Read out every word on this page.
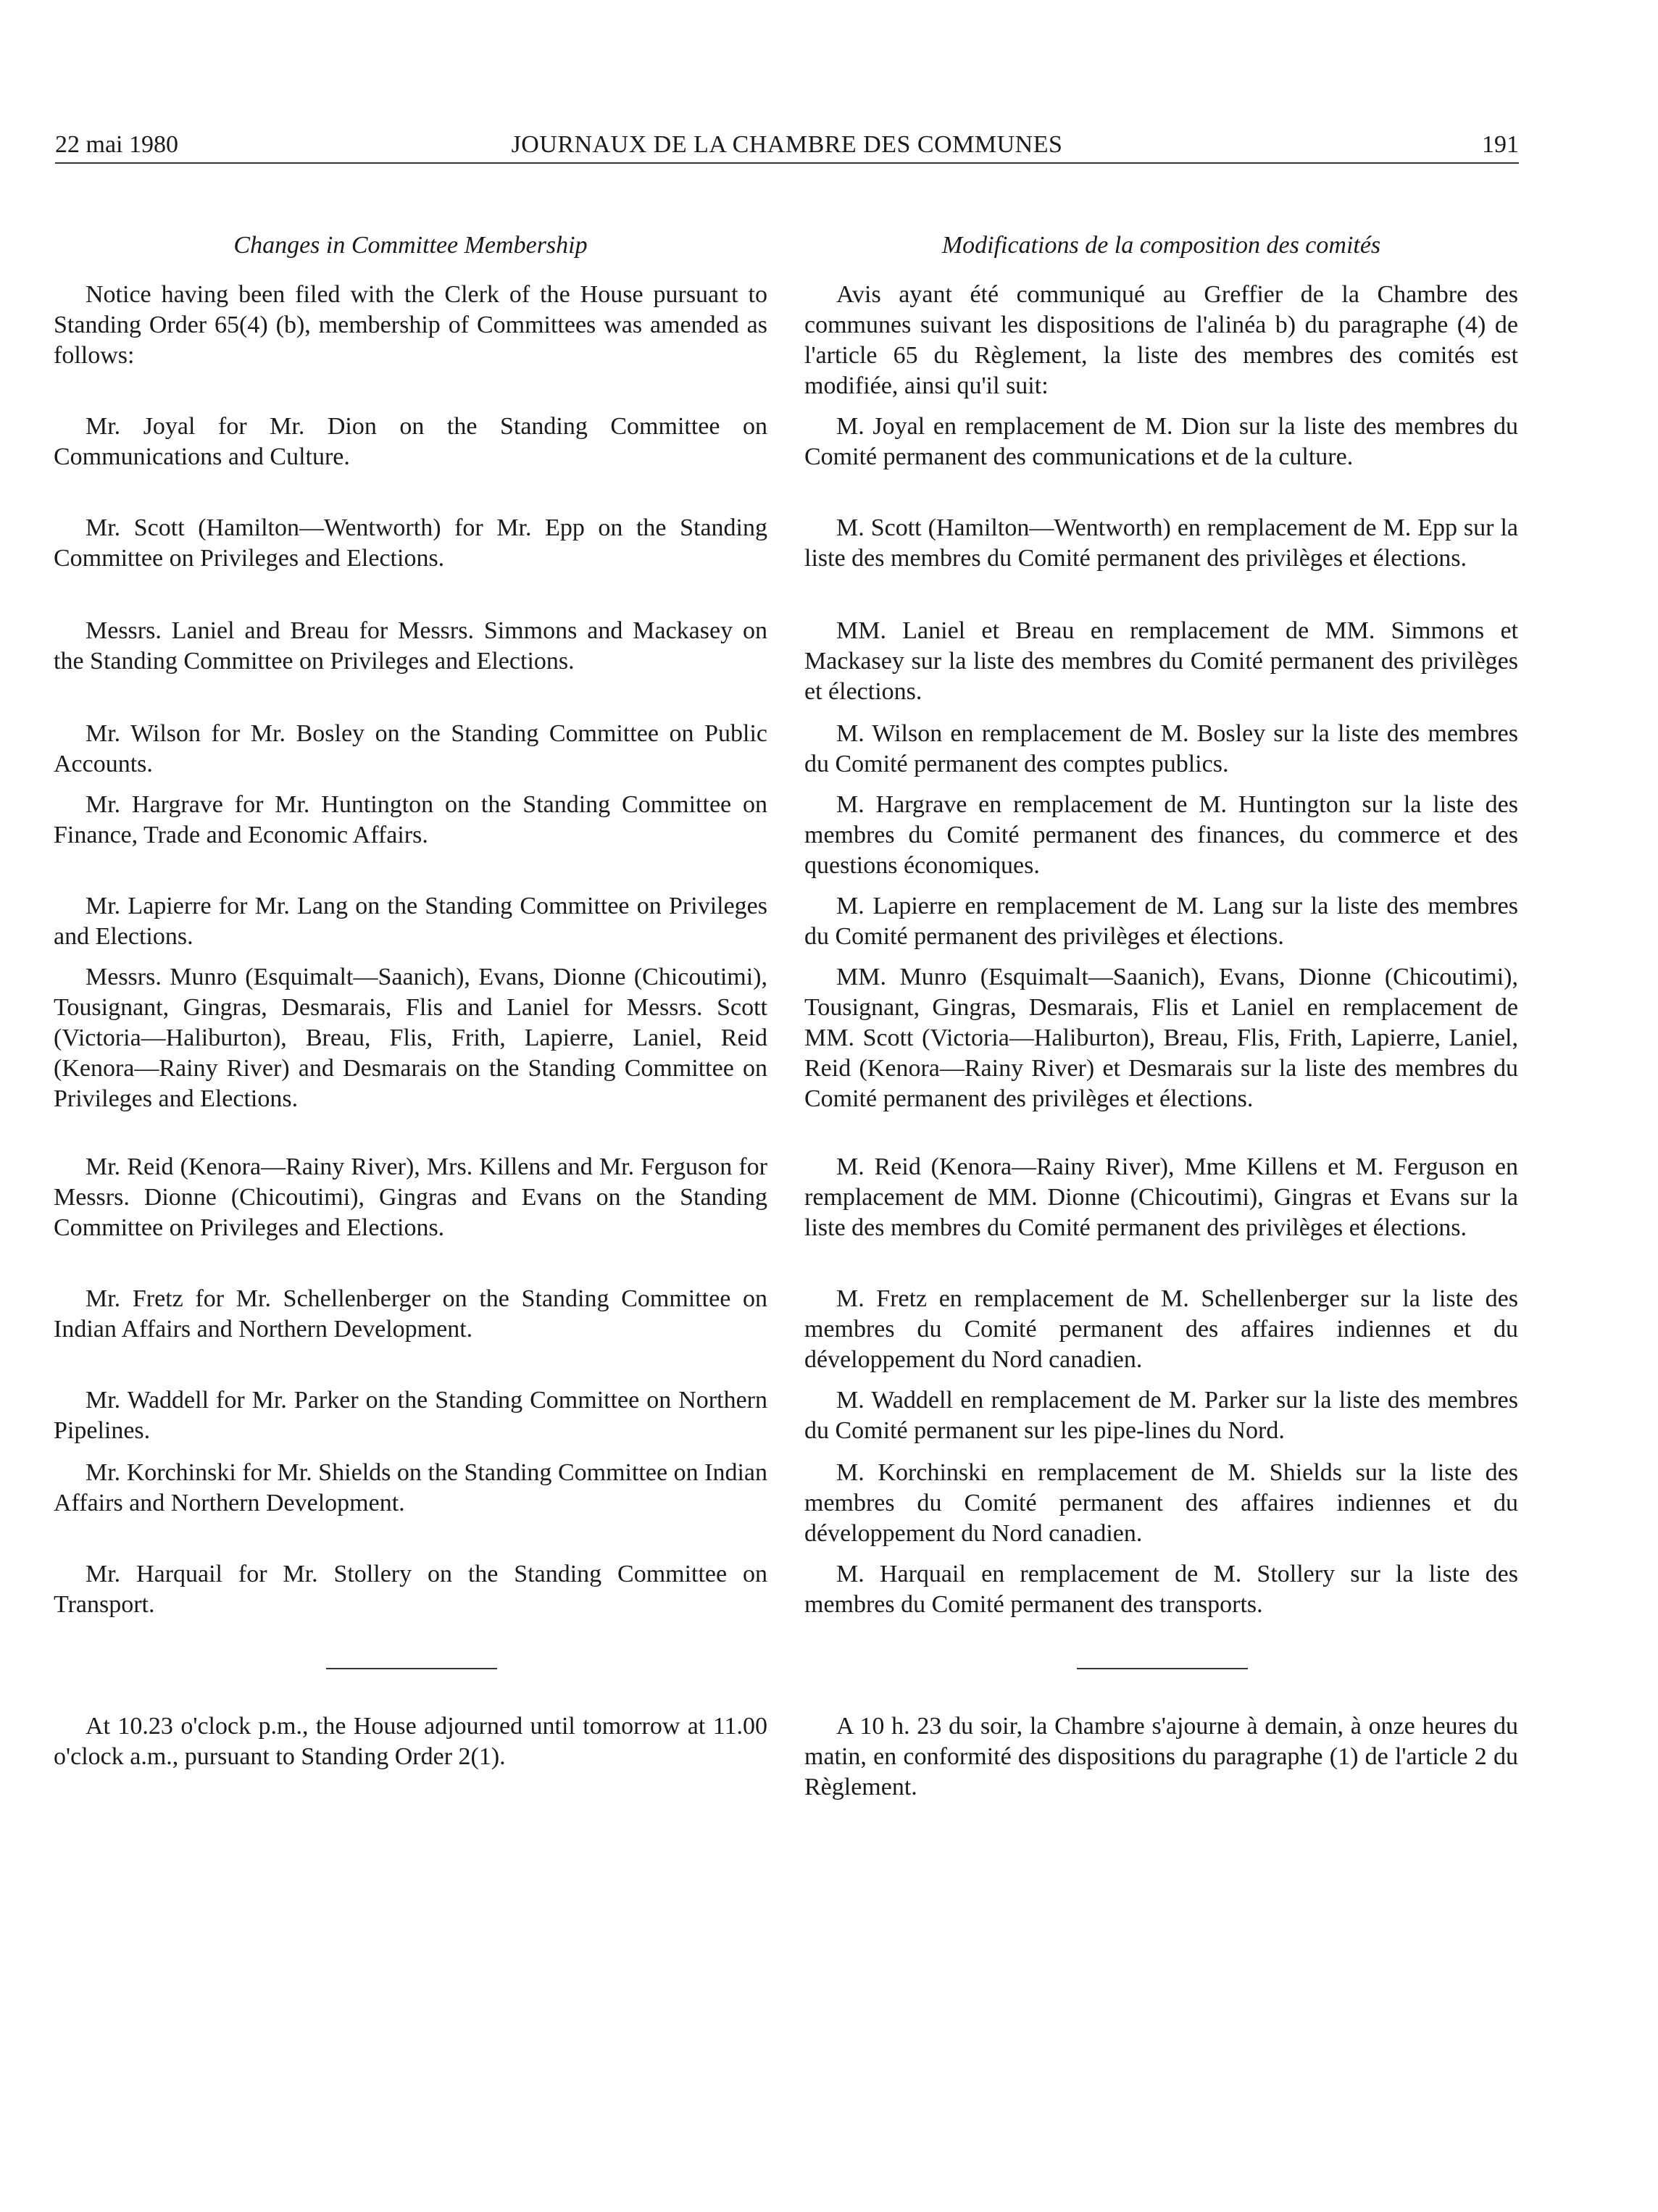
22 mai 1980	JOURNAUX DE LA CHAMBRE DES COMMUNES	191

Changes in Committee Membership

Notice having been filed with the Clerk of the House pursuant to Standing Order 65(4) (b), membership of Committees was amended as follows:

Mr. Joyal for Mr. Dion on the Standing Committee on Communications and Culture.

Mr. Scott (Hamilton—Wentworth) for Mr. Epp on the Standing Committee on Privileges and Elections.

Messrs. Laniel and Breau for Messrs. Simmons and Mackasey on the Standing Committee on Privileges and Elections.

Mr. Wilson for Mr. Bosley on the Standing Committee on Public Accounts.

Mr. Hargrave for Mr. Huntington on the Standing Committee on Finance, Trade and Economic Affairs.

Mr. Lapierre for Mr. Lang on the Standing Committee on Privileges and Elections.

Messrs. Munro (Esquimalt—Saanich), Evans, Dionne (Chicoutimi), Tousignant, Gingras, Desmarais, Flis and Laniel for Messrs. Scott (Victoria—Haliburton), Breau, Flis, Frith, Lapierre, Laniel, Reid (Kenora—Rainy River) and Desmarais on the Standing Committee on Privileges and Elections.

Mr. Reid (Kenora—Rainy River), Mrs. Killens and Mr. Ferguson for Messrs. Dionne (Chicoutimi), Gingras and Evans on the Standing Committee on Privileges and Elections.

Mr. Fretz for Mr. Schellenberger on the Standing Committee on Indian Affairs and Northern Development.

Mr. Waddell for Mr. Parker on the Standing Committee on Northern Pipelines.

Mr. Korchinski for Mr. Shields on the Standing Committee on Indian Affairs and Northern Development.

Mr. Harquail for Mr. Stollery on the Standing Committee on Transport.

At 10.23 o'clock p.m., the House adjourned until tomorrow at 11.00 o'clock a.m., pursuant to Standing Order 2(1).

Modifications de la composition des comités

Avis ayant été communiqué au Greffier de la Chambre des communes suivant les dispositions de l'alinéa b) du paragraphe (4) de l'article 65 du Règlement, la liste des membres des comités est modifiée, ainsi qu'il suit:

M. Joyal en remplacement de M. Dion sur la liste des membres du Comité permanent des communications et de la culture.

M. Scott (Hamilton—Wentworth) en remplacement de M. Epp sur la liste des membres du Comité permanent des privilèges et élections.

MM. Laniel et Breau en remplacement de MM. Simmons et Mackasey sur la liste des membres du Comité permanent des privilèges et élections.

M. Wilson en remplacement de M. Bosley sur la liste des membres du Comité permanent des comptes publics.

M. Hargrave en remplacement de M. Huntington sur la liste des membres du Comité permanent des finances, du commerce et des questions économiques.

M. Lapierre en remplacement de M. Lang sur la liste des membres du Comité permanent des privilèges et élections.

MM. Munro (Esquimalt—Saanich), Evans, Dionne (Chicoutimi), Tousignant, Gingras, Desmarais, Flis et Laniel en remplacement de MM. Scott (Victoria—Haliburton), Breau, Flis, Frith, Lapierre, Laniel, Reid (Kenora—Rainy River) et Desmarais sur la liste des membres du Comité permanent des privilèges et élections.

M. Reid (Kenora—Rainy River), Mme Killens et M. Ferguson en remplacement de MM. Dionne (Chicoutimi), Gingras et Evans sur la liste des membres du Comité permanent des privilèges et élections.

M. Fretz en remplacement de M. Schellenberger sur la liste des membres du Comité permanent des affaires indiennes et du développement du Nord canadien.

M. Waddell en remplacement de M. Parker sur la liste des membres du Comité permanent sur les pipe-lines du Nord.

M. Korchinski en remplacement de M. Shields sur la liste des membres du Comité permanent des affaires indiennes et du développement du Nord canadien.

M. Harquail en remplacement de M. Stollery sur la liste des membres du Comité permanent des transports.

A 10 h. 23 du soir, la Chambre s'ajourne à demain, à onze heures du matin, en conformité des dispositions du paragraphe (1) de l'article 2 du Règlement.
